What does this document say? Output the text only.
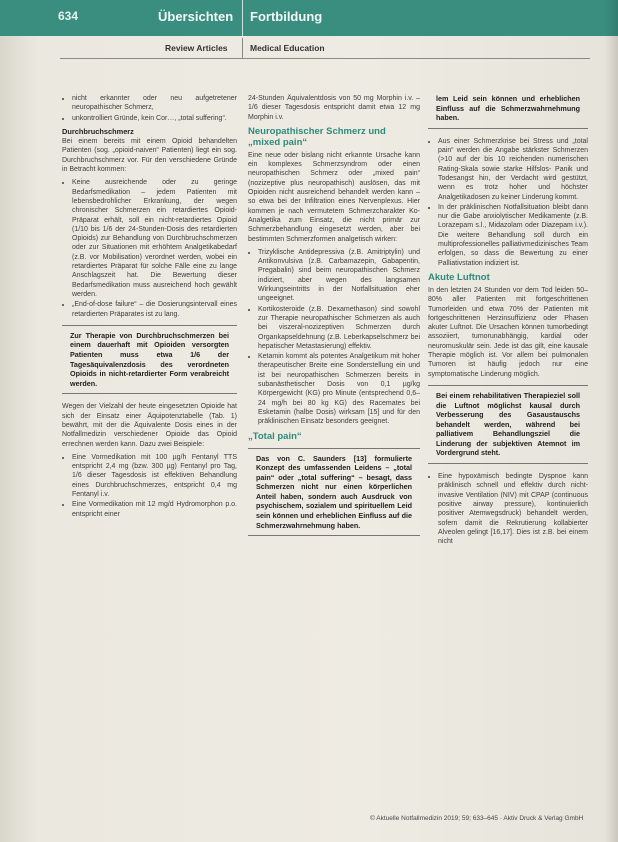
634	Übersichten Fortbildung
Review Articles	Medical Education
• nicht erkannter oder neu aufgetretener neuropathischer Schmerz,
• unkontrolliert Gründe, kein Cor…, „total suffering“.
Durchbruchschmerz

Bei einem bereits mit einem Opioid behandelten Patienten (sog. „opioid-naiven“ Patienten) liegt ein sog. Durchbruchschmerz vor. Für den verschiedene Gründe in Betracht kommen:

• Keine ausreichende oder zu geringe Bedarfsmedikation – jedem Patienten mit lebensbedrohlicher Erkrankung, der wegen chronischer Schmerzen ein retardiertes Opioid-Präparat erhält, soll ein nicht-retardiertes Opioid (1/10 bis 1/6 der 24-Stunden-Dosis des retardierten Opioids) zur Behandlung von Durchbruchschmerzen oder zur Situationen mit erhöhtem Analgetikabedarf (z.B. vor Mobilisation) verordnet werden, wobei ein retardiertes Präparat für solche Fälle eine zu lange Anschlagszeit hat. Die Bewertung dieser Bedarfsmedikation muss ausreichend hoch gewählt werden.
• „End-of-dose failure“ – die Dosierungsintervall eines retardierten Präparates ist zu lang.
Zur Therapie von Durchbruchschmerzen bei einem dauerhaft mit Opioiden versorgten Patienten muss etwa 1/6 der Tagesäquivalenzdosis des verordneten Opioids in nicht-retardierter Form verabreicht werden.

Wegen der Vielzahl der heute eingesetzten Opioide hat sich der Einsatz einer Äquipotenztabelle (Tab. 1) bewährt, mit der die Äquivalente Dosis eines in der Notfallmedizin verschiedener Opioide das Opioid errechnen werden kann. Dazu zwei Beispiele:

• Eine Vormedikation mit 100 µg/h Fentanyl TTS entspricht 2,4 mg (bzw. 300 µg) Fentanyl pro Tag, 1/6 dieser Tagesdosis ist effektiven Behandlung eines Durchbruchschmerzes, entspricht 0,4 mg Fentanyl i.v.
• Eine Vormedikation mit 12 mg/d Hydromorphon p.o. entspricht einer

24-Stunden Äquivalentdosis von 50 mg Morphin i.v. – 1/6 dieser Tagesdosis entspricht damit etwa 12 mg Morphin i.v.

Neuropathischer Schmerz und „mixed pain“

Eine neue oder bislang nicht erkannte Ursache kann ein komplexes Schmerzsyndrom oder einen neuropathischen Schmerz oder „mixed pain“ (nozizeptive plus neuropathisch) auslösen, das mit Opioiden nicht ausreichend behandelt werden kann – so etwa bei der Infiltration eines Nervenplexus. Hier kommen je nach vermutetem Schmerzcharakter Ko-Analgetika zum Einsatz, die nicht primär zur Schmerzbehandlung eingesetzt werden, aber bei bestimmten Schmerzformen analgetisch wirken:

• Trizyklische Antidepressiva (z.B. Amitriptylin) und Antikonvulsiva (z.B. Carbamazepin, Gabapentin, Pregabalin) sind beim neuropathischen Schmerz indiziert, aber wegen des langsamen Wirkungseintritts in der Notfallsituation eher ungeeignet.
• Kortikosteroide (z.B. Dexamethason) sind sowohl zur Therapie neuropathischer Schmerzen als auch bei viszeral-nozizeptiven Schmerzen durch Organkapseldehnung (z.B. Leberkapselschmerz bei hepatischer Metastasierung) effektiv.
• Ketamin kommt als potentes Analgetikum mit hoher therapeutischer Breite eine Sonderstellung ein und ist bei neuropathischen Schmerzen bereits in subanästhetischer Dosis von 0,1 µg/kg Körpergewicht (KG) pro Minute (entsprechend 0,6–24 mg/h bei 80 kg KG) des Racemates bei Esketamin (halbe Dosis) wirksam [15] und für den präklinischen Einsatz besonders geeignet.
„Total pain“
Das von C. Saunders [13] formulierte Konzept des umfassenden Leidens – „total pain“ oder „total suffering“ – besagt, dass Schmerzen nicht nur einen körperlichen Anteil haben, sondern auch Ausdruck von psychischem, sozialem und spirituellem Leid sein können und erheblichen Einfluss auf die Schmerzwahrnehmung haben.
lem Leid sein können und erheblichen Einfluss auf die Schmerzwahrnehmung haben.
• Aus einer Schmerzkrise bei Stress und „total pain“ werden die Angabe stärkster Schmerzen (>10 auf der bis 10 reichenden numerischen Rating-Skala sowie starke Hilfslos- Panik und Todesangst hin, der Verdacht wird gestützt, wenn es trotz hoher und höchster Analgetikadosen zu keiner Linderung kommt.
• In der präklinischen Notfallsituation bleibt dann nur die Gabe anxiolytischer Medikamente (z.B. Lorazepam s.l., Midazolam oder Diazepam i.v.). Die weitere Behandlung soll durch ein multiprofessionelles palliativmedizinisches Team erfolgen, so dass die Bewertung zu einer Palliativstation indiziert ist.
Akute Luftnot

In den letzten 24 Stunden vor dem Tod leiden 50–80% aller Patienten mit fortgeschrittenen Tumorleiden und etwa 70% der Patienten mit fortgeschrittenen Herzinsuffizienz oder Phasen akuter Luftnot. Die Ursachen können tumorbedingt assoziiert, tumorunabhängig, kardial oder neuromuskulär sein. Jede ist das gilt, eine kausale Therapie möglich ist. Vor allem bei pulmonalen Tumoren ist häufig jedoch nur eine symptomatische Linderung möglich.

Bei einem rehabilitativen Therapieziel soll die Luftnot möglichst kausal durch Verbesserung des Gasaustauschs behandelt werden, während bei palliativem Behandlungsziel die Linderung der subjektiven Atemnot im Vordergrund steht.
• Eine hypoxämisch bedingte Dyspnoe kann präklinisch schnell und effektiv durch nicht-invasive Ventilation (NIV) mit CPAP (continuous positive airway pressure), kontinuierlich positiver Atemwegsdruck) behandelt werden, sofern damit die Rekrutierung kollabierter Alveolen gelingt [16,17]. Dies ist z.B. bei einem nicht
© Aktuelle Notfallmedizin 2019; 59; 633–645 · Aktiv Druck & Verlag GmbH
